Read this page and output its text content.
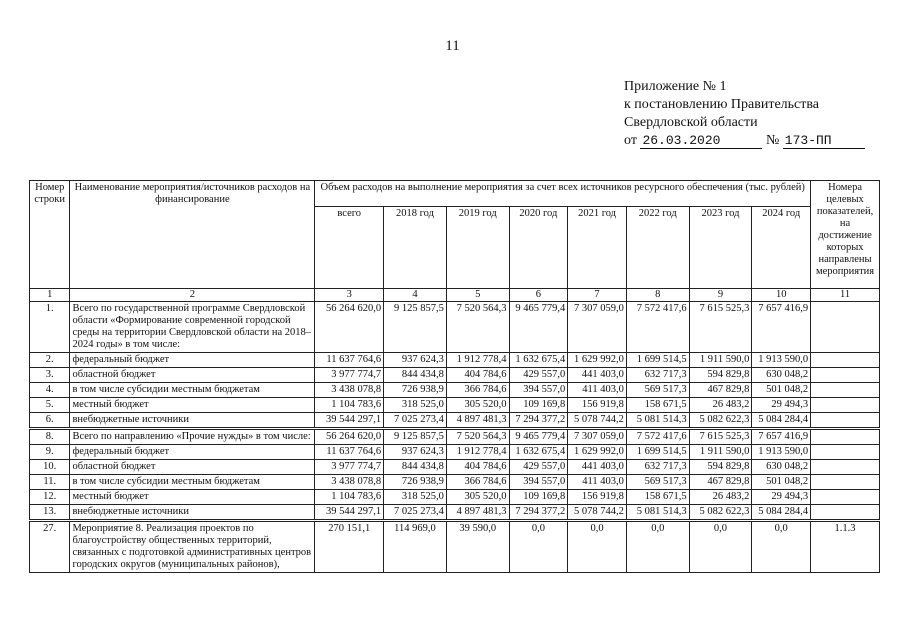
11
Приложение № 1
к постановлению Правительства
Свердловской области
от 26.03.2020	№ 173-ПП
Номер строки	Наименование мероприятия/источников расходов на финансирование	Объем расходов на выполнение мероприятия за счет всех источников ресурсного обеспечения (тыс. рублей)								Номера целевых показателей, на достижение которых направлены мероприятия
		всего	2018 год	2019 год	2020 год	2021 год	2022 год	2023 год	2024 год	
1	2	3	4	5	6	7	8	9	10	11
1.	Всего по государственной программе Свердловской области «Формирование современной городской среды на территории Свердловской области на 2018–2024 годы» в том числе:	56 264 620,0	9 125 857,5	7 520 564,3	9 465 779,4	7 307 059,0	7 572 417,6	7 615 525,3	7 657 416,9	
2.	федеральный бюджет	11 637 764,6	937 624,3	1 912 778,4	1 632 675,4	1 629 992,0	1 699 514,5	1 911 590,0	1 913 590,0	
3.	областной бюджет	3 977 774,7	844 434,8	404 784,6	429 557,0	441 403,0	632 717,3	594 829,8	630 048,2	
4.	в том числе субсидии местным бюджетам	3 438 078,8	726 938,9	366 784,6	394 557,0	411 403,0	569 517,3	467 829,8	501 048,2	
5.	местный бюджет	1 104 783,6	318 525,0	305 520,0	109 169,8	156 919,8	158 671,5	26 483,2	29 494,3	
6.	внебюджетные источники	39 544 297,1	7 025 273,4	4 897 481,3	7 294 377,2	5 078 744,2	5 081 514,3	5 082 622,3	5 084 284,4	
8.	Всего по направлению «Прочие нужды» в том числе:	56 264 620,0	9 125 857,5	7 520 564,3	9 465 779,4	7 307 059,0	7 572 417,6	7 615 525,3	7 657 416,9	
9.	федеральный бюджет	11 637 764,6	937 624,3	1 912 778,4	1 632 675,4	1 629 992,0	1 699 514,5	1 911 590,0	1 913 590,0	
10.	областной бюджет	3 977 774,7	844 434,8	404 784,6	429 557,0	441 403,0	632 717,3	594 829,8	630 048,2	
11.	в том числе субсидии местным бюджетам	3 438 078,8	726 938,9	366 784,6	394 557,0	411 403,0	569 517,3	467 829,8	501 048,2	
12.	местный бюджет	1 104 783,6	318 525,0	305 520,0	109 169,8	156 919,8	158 671,5	26 483,2	29 494,3	
13.	внебюджетные источники	39 544 297,1	7 025 273,4	4 897 481,3	7 294 377,2	5 078 744,2	5 081 514,3	5 082 622,3	5 084 284,4	
27.	Мероприятие 8. Реализация проектов по благоустройству общественных территорий, связанных с подготовкой административных центров городских округов (муниципальных районов),	270 151,1	114 969,0	39 590,0	0,0	0,0	0,0	0,0	0,0	1.1.3
